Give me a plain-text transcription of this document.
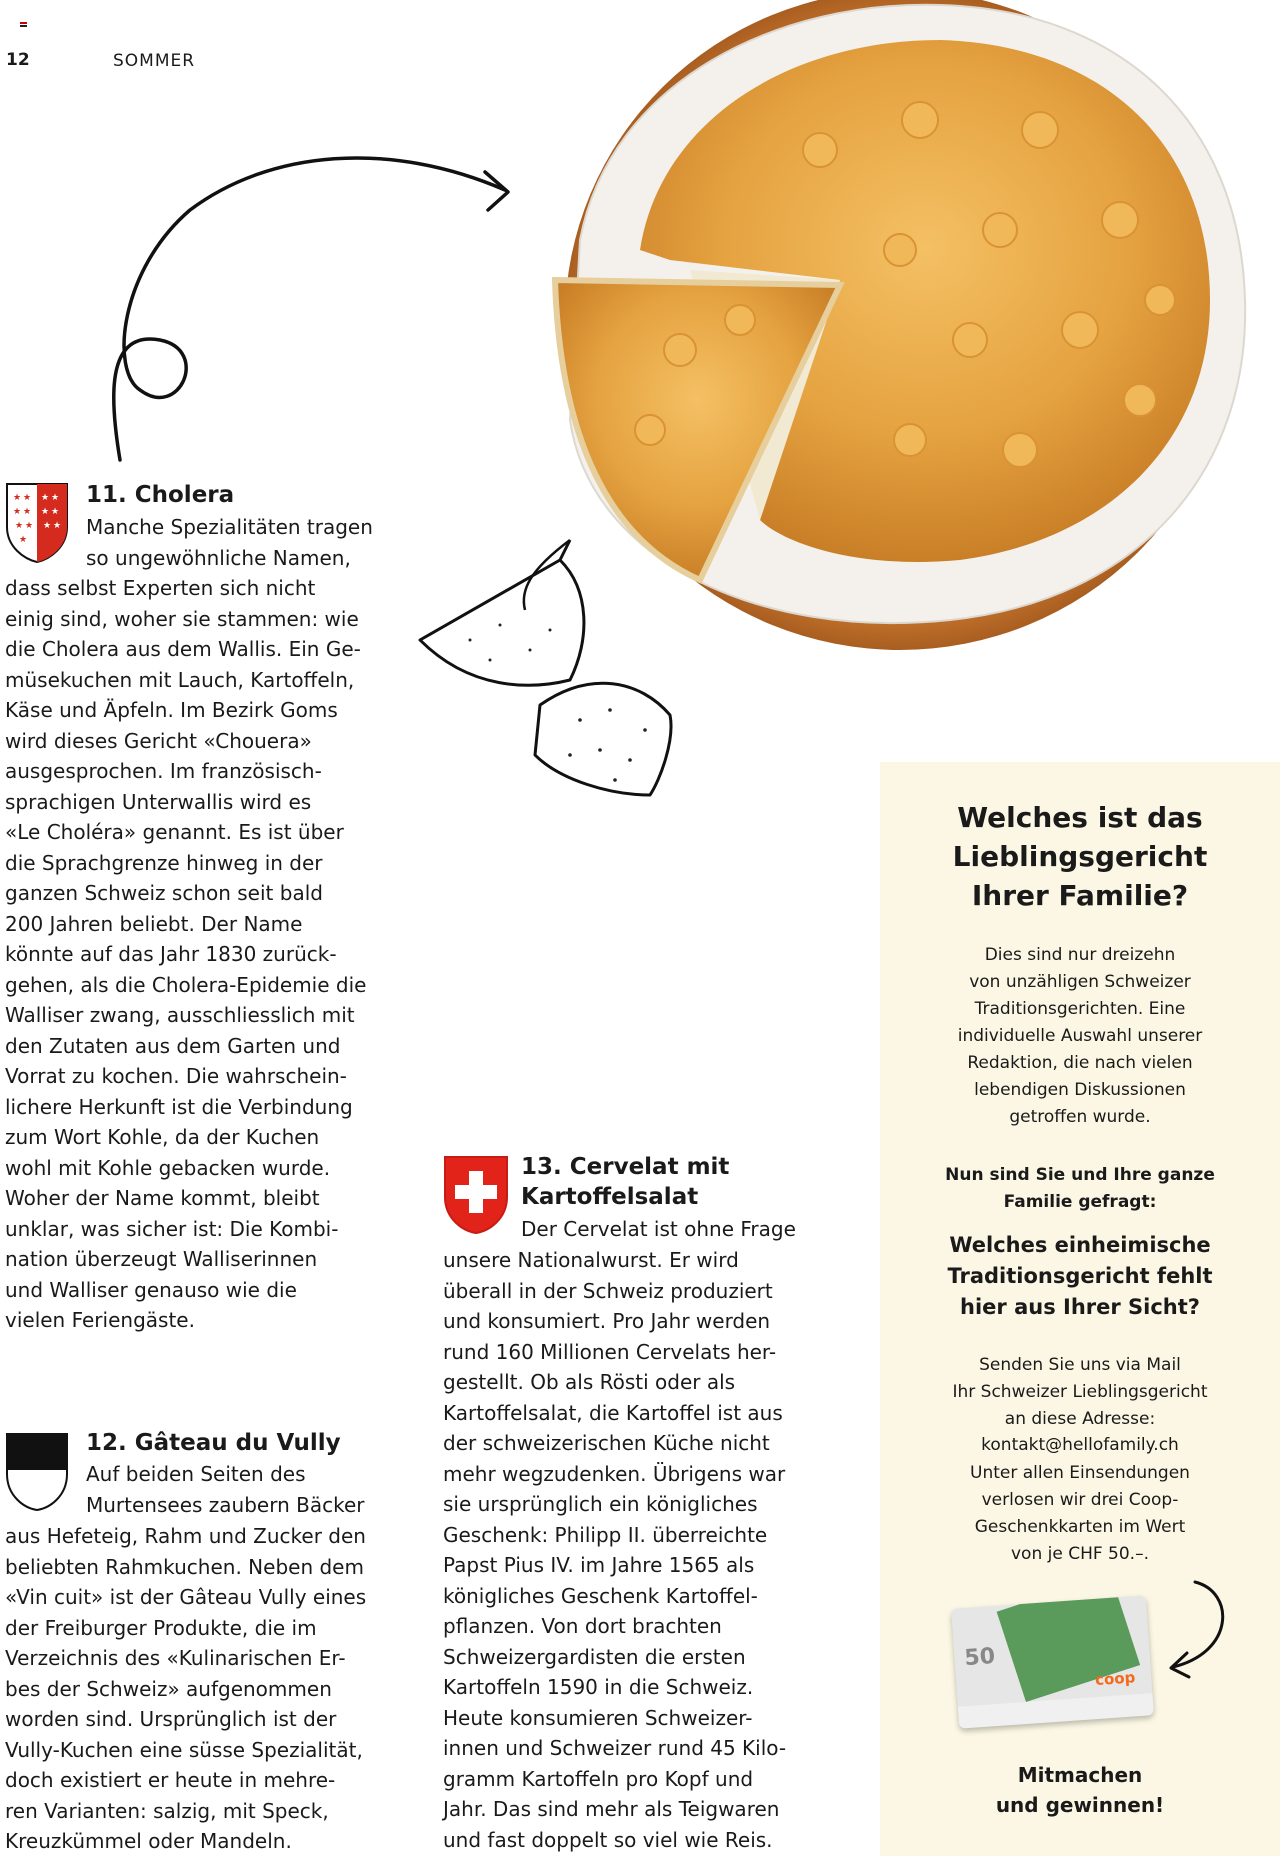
12	SOMMER
★ ★
★ ★
★ ★
★
★ ★
★ ★
★ ★
11. Cholera
Manche Spezialitäten tragen
so ungewöhnliche Namen,
dass selbst Experten sich nicht
einig sind, woher sie stammen: wie
die Cholera aus dem Wallis. Ein Ge-
müsekuchen mit Lauch, Kartoffeln,
Käse und Äpfeln. Im Bezirk Goms
wird dieses Gericht «Chouera»
ausgesprochen. Im französisch-
sprachigen Unterwallis wird es
«Le Choléra» genannt. Es ist über
die Sprachgrenze hinweg in der
ganzen Schweiz schon seit bald
200 Jahren beliebt. Der Name
könnte auf das Jahr 1830 zurück-
gehen, als die Cholera-Epidemie die
Walliser zwang, ausschliesslich mit
den Zutaten aus dem Garten und
Vorrat zu kochen. Die wahrschein-
lichere Herkunft ist die Verbindung
zum Wort Kohle, da der Kuchen
wohl mit Kohle gebacken wurde.
Woher der Name kommt, bleibt
unklar, was sicher ist: Die Kombi-
nation überzeugt Walliserinnen
und Walliser genauso wie die
vielen Feriengäste.
12. Gâteau du Vully
Auf beiden Seiten des
Murtensees zaubern Bäcker
aus Hefeteig, Rahm und Zucker den
beliebten Rahmkuchen. Neben dem
«Vin cuit» ist der Gâteau Vully eines
der Freiburger Produkte, die im
Verzeichnis des «Kulinarischen Er-
bes der Schweiz» aufgenommen
worden sind. Ursprünglich ist der
Vully-Kuchen eine süsse Spezialität,
doch existiert er heute in mehre-
ren Varianten: salzig, mit Speck,
Kreuzkümmel oder Mandeln.
13. Cervelat mit
Kartoffelsalat
Der Cervelat ist ohne Frage
unsere Nationalwurst. Er wird
überall in der Schweiz produziert
und konsumiert. Pro Jahr werden
rund 160 Millionen Cervelats her-
gestellt. Ob als Rösti oder als
Kartoffelsalat, die Kartoffel ist aus
der schweizerischen Küche nicht
mehr wegzudenken. Übrigens war
sie ursprünglich ein königliches
Geschenk: Philipp II. überreichte
Papst Pius IV. im Jahre 1565 als
königliches Geschenk Kartoffel-
pflanzen. Von dort brachten
Schweizergardisten die ersten
Kartoffeln 1590 in die Schweiz.
Heute konsumieren Schweizer-
innen und Schweizer rund 45 Kilo-
gramm Kartoffeln pro Kopf und
Jahr. Das sind mehr als Teigwaren
und fast doppelt so viel wie Reis.
Welches ist das
Lieblingsgericht
Ihrer Familie?
Dies sind nur dreizehn
von unzähligen Schweizer
Traditionsgerichten. Eine
individuelle Auswahl unserer
Redaktion, die nach vielen
lebendigen Diskussionen
getroffen wurde.
Nun sind Sie und Ihre ganze
Familie gefragt:
Welches einheimische
Traditionsgericht fehlt
hier aus Ihrer Sicht?
Senden Sie uns via Mail
Ihr Schweizer Lieblingsgericht
an diese Adresse:
kontakt@hellofamily.ch
Unter allen Einsendungen
verlosen wir drei Coop-
Geschenkkarten im Wert
von je CHF 50.–.
50
coop
Mitmachen
und gewinnen!
